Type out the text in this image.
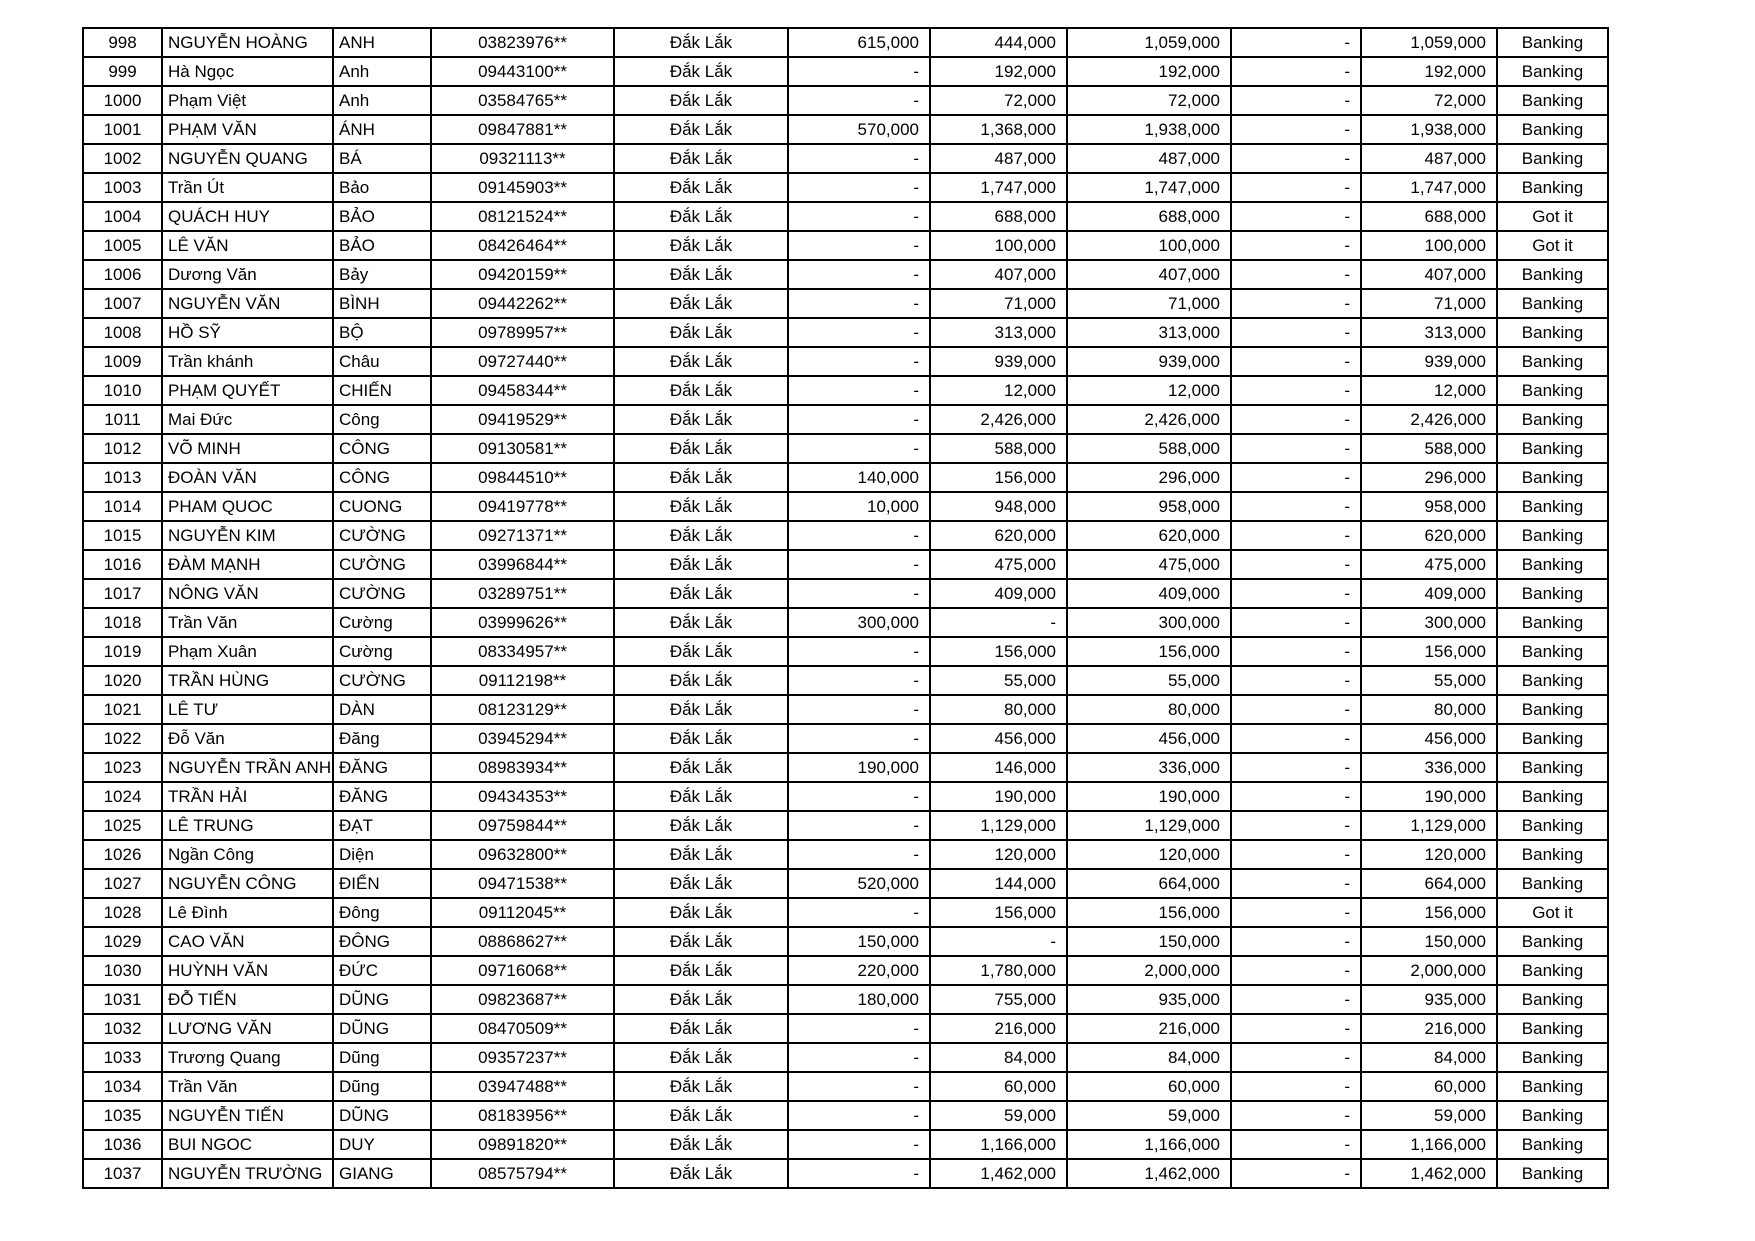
998	NGUYỄN HOÀNG	ANH	03823976**	Đắk Lắk	615,000	444,000	1,059,000	-	1,059,000	Banking

999	Hà Ngọc	Anh	09443100**	Đắk Lắk	-	192,000	192,000	-	192,000	Banking

1000	Phạm Việt	Anh	03584765**	Đắk Lắk	-	72,000	72,000	-	72,000	Banking

1001	PHẠM VĂN	ÁNH	09847881**	Đắk Lắk	570,000	1,368,000	1,938,000	-	1,938,000	Banking

1002	NGUYỄN QUANG	BÁ	09321113**	Đắk Lắk	-	487,000	487,000	-	487,000	Banking

1003	Trần Út	Bảo	09145903**	Đắk Lắk	-	1,747,000	1,747,000	-	1,747,000	Banking

1004	QUÁCH HUY	BẢO	08121524**	Đắk Lắk	-	688,000	688,000	-	688,000	Got it

1005	LÊ VĂN	BẢO	08426464**	Đắk Lắk	-	100,000	100,000	-	100,000	Got it

1006	Dương Văn	Bảy	09420159**	Đắk Lắk	-	407,000	407,000	-	407,000	Banking

1007	NGUYỄN VĂN	BÌNH	09442262**	Đắk Lắk	-	71,000	71,000	-	71,000	Banking

1008	HỒ SỸ	BỘ	09789957**	Đắk Lắk	-	313,000	313,000	-	313,000	Banking

1009	Trần khánh	Châu	09727440**	Đắk Lắk	-	939,000	939,000	-	939,000	Banking

1010	PHẠM QUYẾT	CHIẾN	09458344**	Đắk Lắk	-	12,000	12,000	-	12,000	Banking

1011	Mai Đức	Công	09419529**	Đắk Lắk	-	2,426,000	2,426,000	-	2,426,000	Banking

1012	VÕ MINH	CÔNG	09130581**	Đắk Lắk	-	588,000	588,000	-	588,000	Banking

1013	ĐOÀN VĂN	CÔNG	09844510**	Đắk Lắk	140,000	156,000	296,000	-	296,000	Banking

1014	PHAM QUOC	CUONG	09419778**	Đắk Lắk	10,000	948,000	958,000	-	958,000	Banking

1015	NGUYỄN KIM	CƯỜNG	09271371**	Đắk Lắk	-	620,000	620,000	-	620,000	Banking

1016	ĐÀM MẠNH	CƯỜNG	03996844**	Đắk Lắk	-	475,000	475,000	-	475,000	Banking

1017	NÔNG VĂN	CƯỜNG	03289751**	Đắk Lắk	-	409,000	409,000	-	409,000	Banking

1018	Trần Văn	Cường	03999626**	Đắk Lắk	300,000	-	300,000	-	300,000	Banking

1019	Phạm Xuân	Cường	08334957**	Đắk Lắk	-	156,000	156,000	-	156,000	Banking

1020	TRẦN HÙNG	CƯỜNG	09112198**	Đắk Lắk	-	55,000	55,000	-	55,000	Banking

1021	LÊ TƯ	DÀN	08123129**	Đắk Lắk	-	80,000	80,000	-	80,000	Banking

1022	Đỗ Văn	Đăng	03945294**	Đắk Lắk	-	456,000	456,000	-	456,000	Banking

1023	NGUYỄN TRẦN ANH	ĐĂNG	08983934**	Đắk Lắk	190,000	146,000	336,000	-	336,000	Banking

1024	TRẦN HẢI	ĐĂNG	09434353**	Đắk Lắk	-	190,000	190,000	-	190,000	Banking

1025	LÊ TRUNG	ĐẠT	09759844**	Đắk Lắk	-	1,129,000	1,129,000	-	1,129,000	Banking

1026	Ngần Công	Diện	09632800**	Đắk Lắk	-	120,000	120,000	-	120,000	Banking

1027	NGUYỄN CÔNG	ĐIỂN	09471538**	Đắk Lắk	520,000	144,000	664,000	-	664,000	Banking

1028	Lê Đình	Đông	09112045**	Đắk Lắk	-	156,000	156,000	-	156,000	Got it

1029	CAO VĂN	ĐÔNG	08868627**	Đắk Lắk	150,000	-	150,000	-	150,000	Banking

1030	HUỲNH VĂN	ĐỨC	09716068**	Đắk Lắk	220,000	1,780,000	2,000,000	-	2,000,000	Banking

1031	ĐỖ TIẾN	DŨNG	09823687**	Đắk Lắk	180,000	755,000	935,000	-	935,000	Banking

1032	LƯƠNG VĂN	DŨNG	08470509**	Đắk Lắk	-	216,000	216,000	-	216,000	Banking

1033	Trương Quang	Dũng	09357237**	Đắk Lắk	-	84,000	84,000	-	84,000	Banking

1034	Trần Văn	Dũng	03947488**	Đắk Lắk	-	60,000	60,000	-	60,000	Banking

1035	NGUYỄN TIẾN	DŨNG	08183956**	Đắk Lắk	-	59,000	59,000	-	59,000	Banking

1036	BUI NGOC	DUY	09891820**	Đắk Lắk	-	1,166,000	1,166,000	-	1,166,000	Banking

1037	NGUYỄN TRƯỜNG	GIANG	08575794**	Đắk Lắk	-	1,462,000	1,462,000	-	1,462,000	Banking
